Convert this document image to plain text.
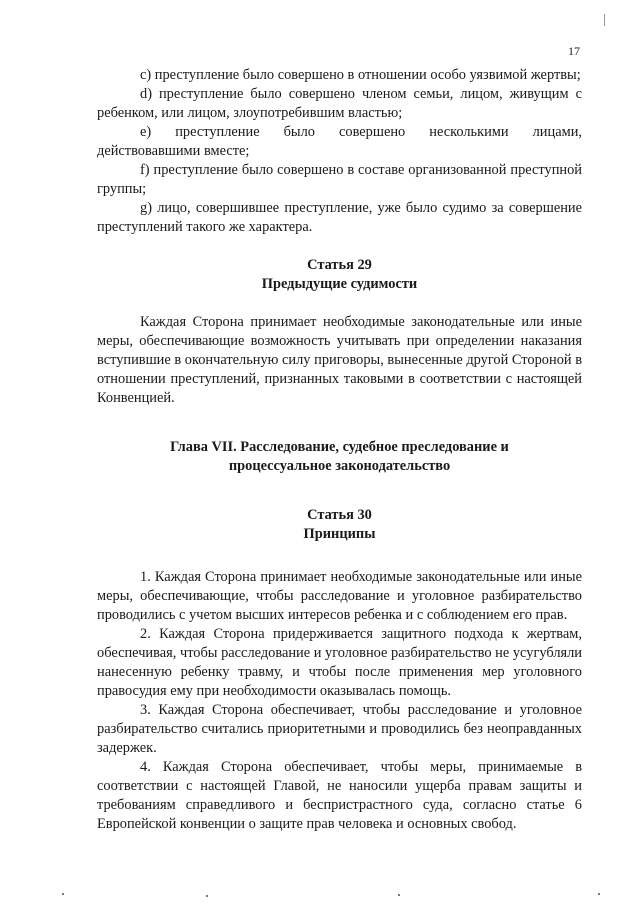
17

с) преступление было совершено в отношении особо уязвимой жертвы;

d) преступление было совершено членом семьи, лицом, живущим с ребенком, или лицом, злоупотребившим властью;

е) преступление было совершено несколькими лицами, действовавшими вместе;

f) преступление было совершено в составе организованной преступной группы;

g) лицо, совершившее преступление, уже было судимо за совершение преступлений такого же характера.

Статья 29

Предыдущие судимости

Каждая Сторона принимает необходимые законодательные или иные меры, обеспечивающие возможность учитывать при определении наказания вступившие в окончательную силу приговоры, вынесенные другой Стороной в отношении преступлений, признанных таковыми в соответствии с настоящей Конвенцией.

Глава VII. Расследование, судебное преследование и

процессуальное законодательство

Статья 30

Принципы

1. Каждая Сторона принимает необходимые законодательные или иные меры, обеспечивающие, чтобы расследование и уголовное разбирательство проводились с учетом высших интересов ребенка и с соблюдением его прав.

2. Каждая Сторона придерживается защитного подхода к жертвам, обеспечивая, чтобы расследование и уголовное разбирательство не усугубляли нанесенную ребенку травму, и чтобы после применения мер уголовного правосудия ему при необходимости оказывалась помощь.

3. Каждая Сторона обеспечивает, чтобы расследование и уголовное разбирательство считались приоритетными и проводились без неоправданных задержек.

4. Каждая Сторона обеспечивает, чтобы меры, принимаемые в соответствии с настоящей Главой, не наносили ущерба правам защиты и требованиям справедливого и беспристрастного суда, согласно статье 6 Европейской конвенции о защите прав человека и основных свобод.
